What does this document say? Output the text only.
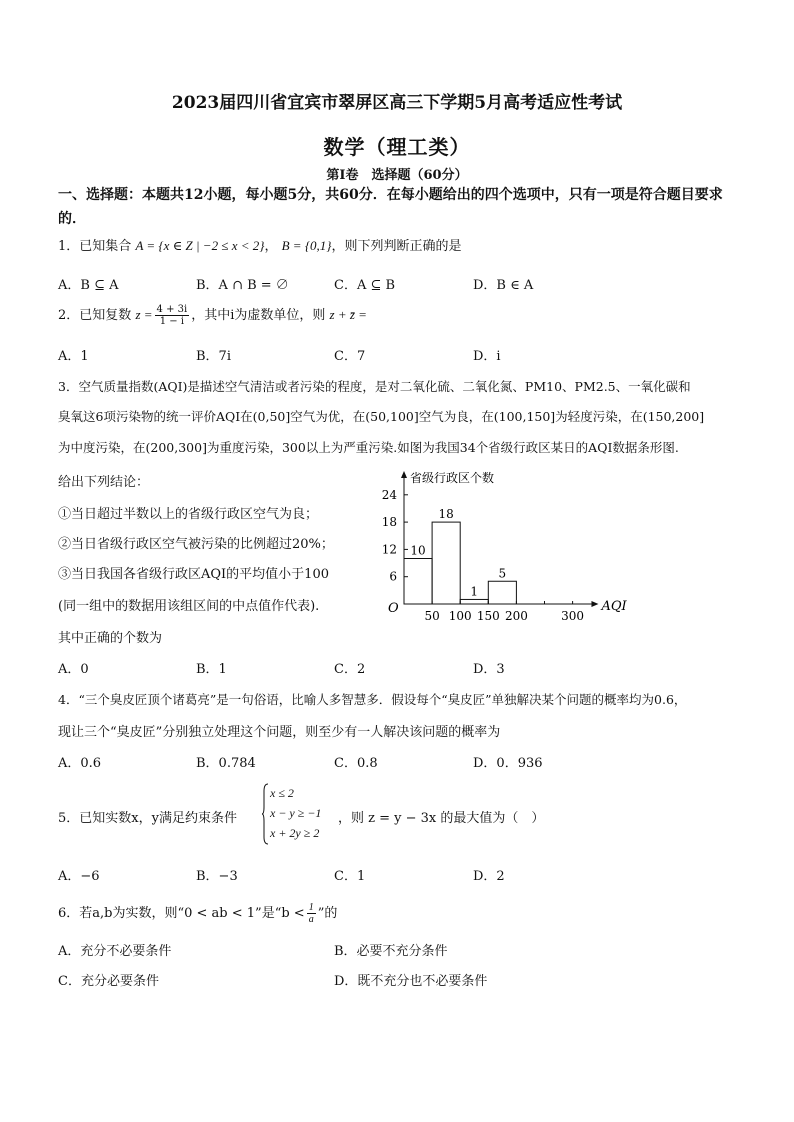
2023届四川省宜宾市翠屏区高三下学期5月高考适应性考试
数学（理工类）
第I卷　选择题（60分）
一、选择题：本题共12小题，每小题5分，共60分．在每小题给出的四个选项中，只有一项是符合题目要求的．
1．已知集合 A = {x ∈ Z | −2 ≤ x < 2}， B = {0,1}，则下列判断正确的是
A．B ⊆ A	B．A ∩ B = ∅	C．A ⊆ B	D．B ∈ A
2．已知复数 $z = \frac{4 + 3i}{1 - i}$ ，其中i为虚数单位，则 z + z̄ =
A．1	B．7i	C．7	D．i
3．空气质量指数(AQI)是描述空气清洁或者污染的程度，是对二氧化硫、二氧化氮、PM10、PM2.5、一氧化碳和
臭氧这6项污染物的统一评价AQI在(0,50]空气为优，在(50,100]空气为良，在(100,150]为轻度污染，在(150,200]
为中度污染，在(200,300]为重度污染，300以上为严重污染.如图为我国34个省级行政区某日的AQI数据条形图.
给出下列结论：
①当日超过半数以上的省级行政区空气为良；
②当日省级行政区空气被污染的比例超过20%；
③当日我国各省级行政区AQI的平均值小于100
(同一组中的数据用该组区间的中点值作代表).
其中正确的个数为
6
12
18
24
50 100 150 200	300
10
18
1
5
省级行政区个数
AQI
O
A．0	B．1	C．2	D．3
4．“三个臭皮匠顶个诸葛亮”是一句俗语，比喻人多智慧多．假设每个“臭皮匠”单独解决某个问题的概率均为0.6，
现让三个“臭皮匠”分别独立处理这个问题，则至少有一人解决该问题的概率为
A．0.6	B．0.784	C．0.8	D．0．936
5．已知实数x，y满足约束条件
x ≤ 2
x − y ≥ −1
x + 2y ≥ 2
，则 z = y − 3x 的最大值为（　）
A．−6	B．−3	C．1	D．2
6．若a,b为实数，则“0 < ab < 1”是“$b < \frac{1}{a}$ ”的
A．充分不必要条件	B．必要不充分条件
C．充分必要条件	D．既不充分也不必要条件
